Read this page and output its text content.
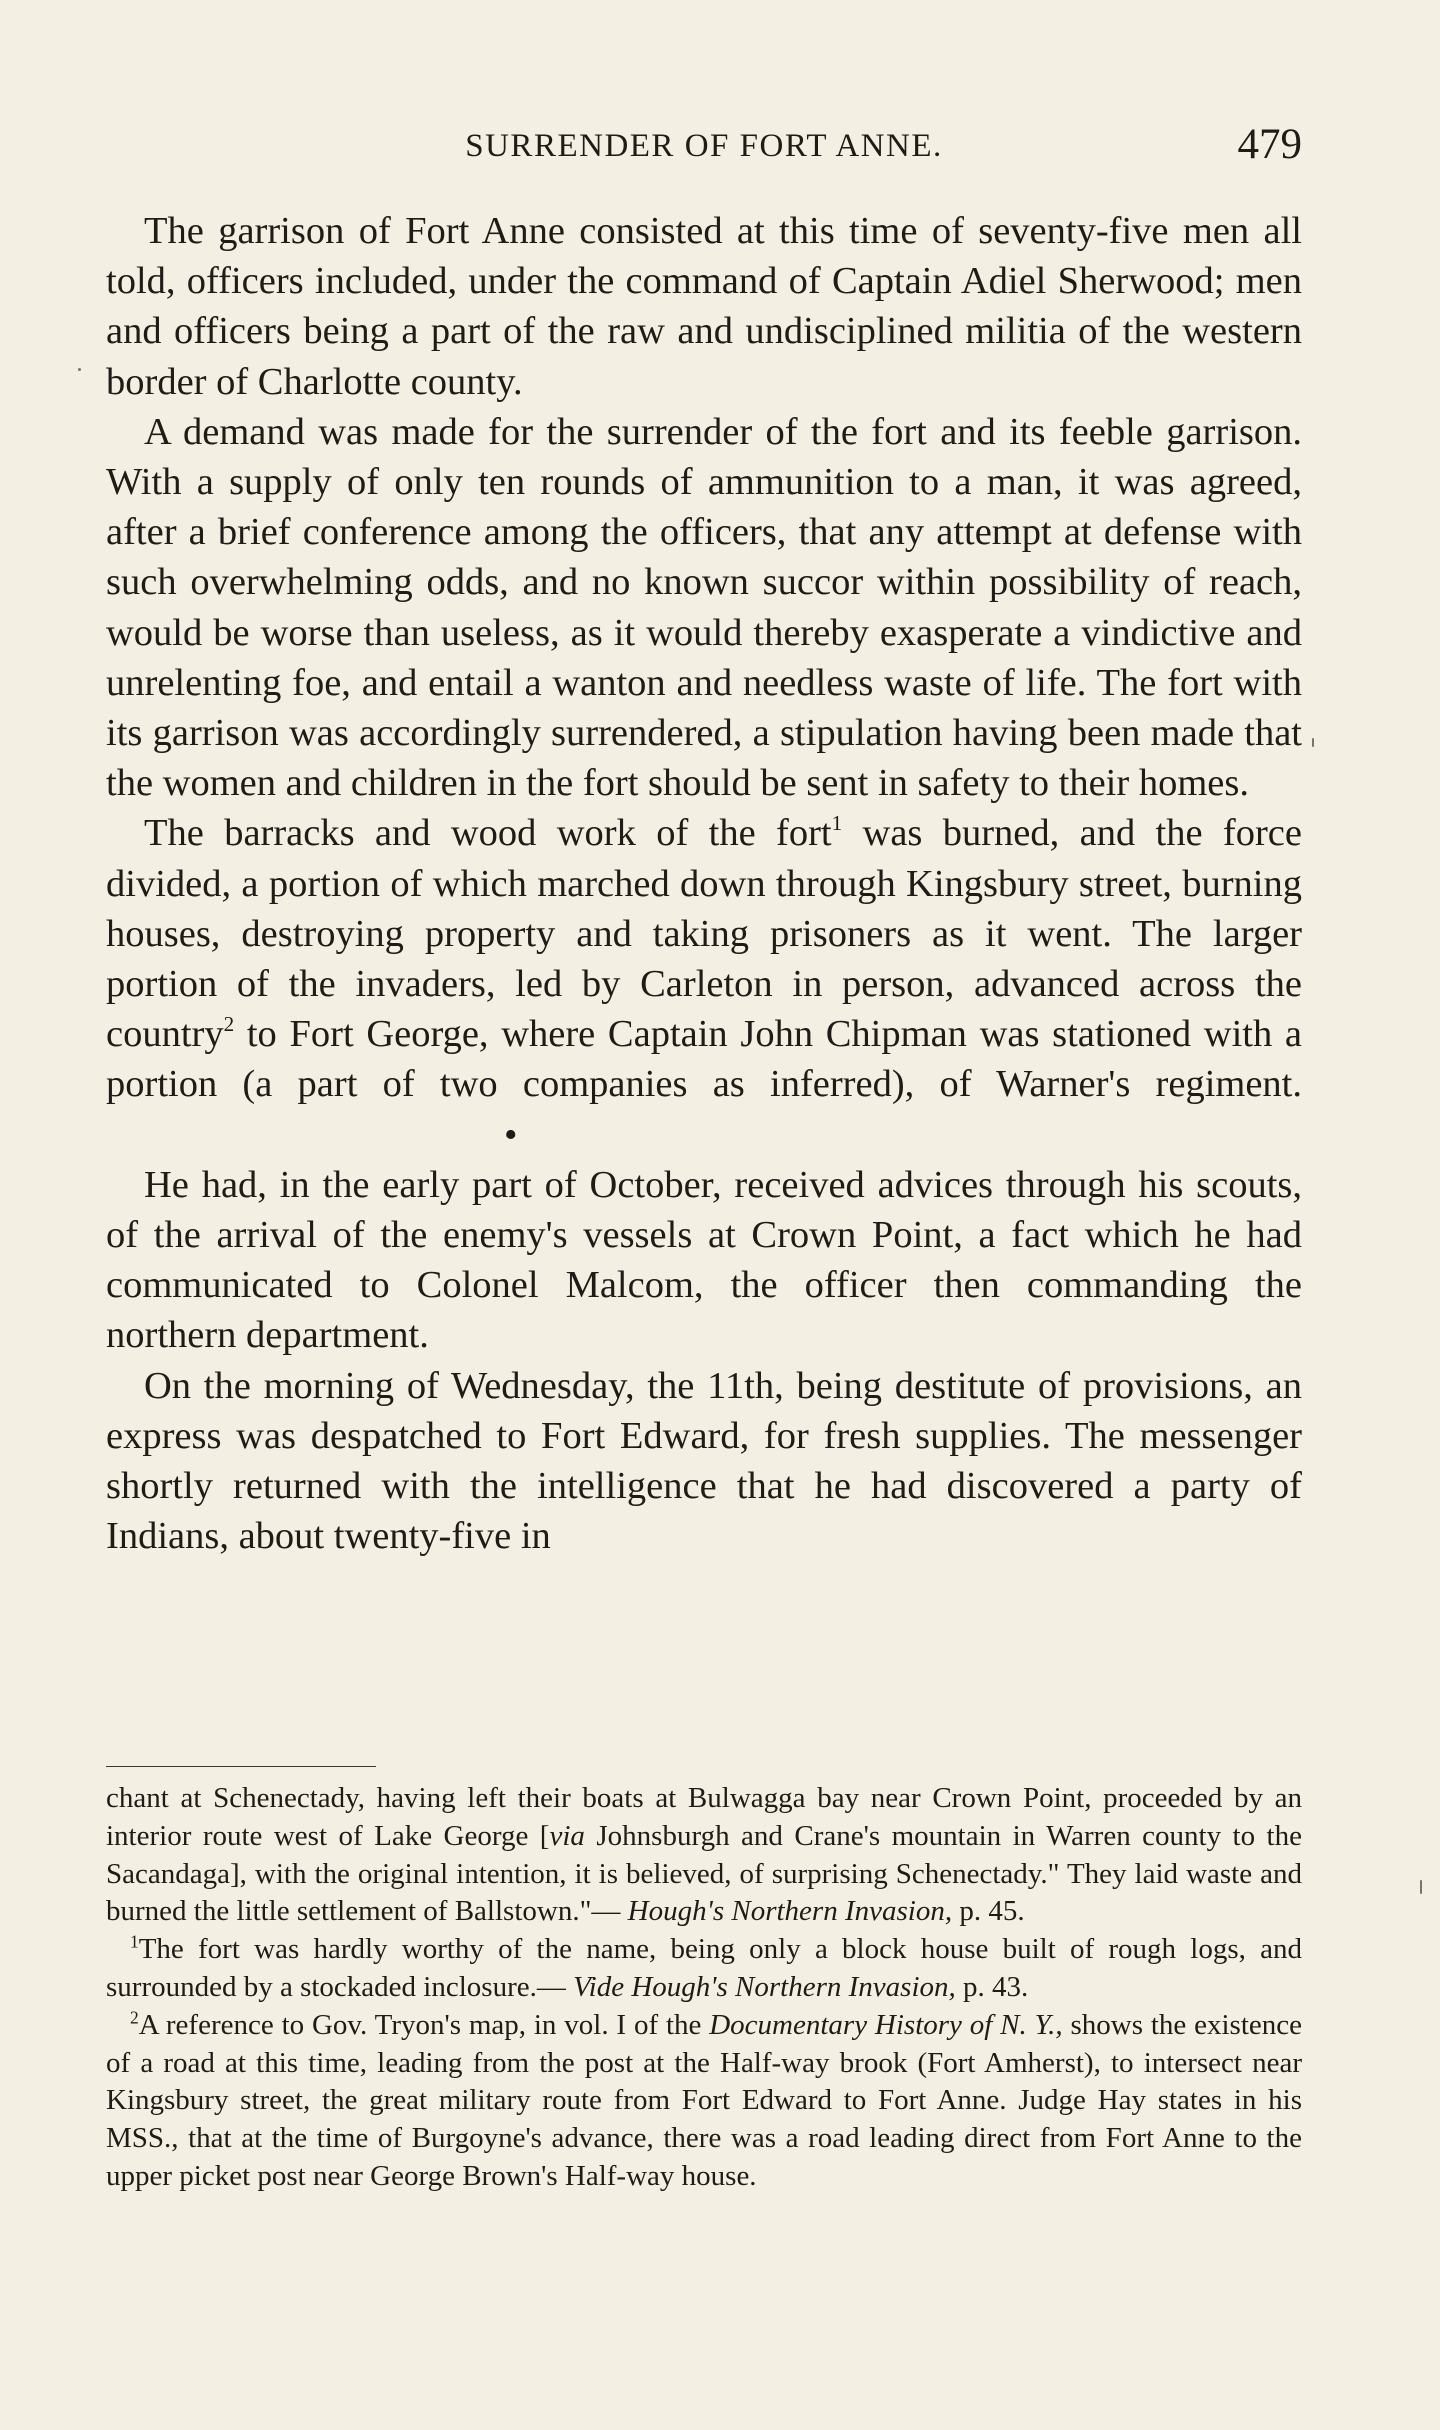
SURRENDER OF FORT ANNE.	479

The garrison of Fort Anne consisted at this time of seventy-five men all told, officers included, under the command of Captain Adiel Sherwood; men and officers being a part of the raw and undisciplined militia of the western border of Charlotte county.

A demand was made for the surrender of the fort and its feeble garrison. With a supply of only ten rounds of ammunition to a man, it was agreed, after a brief conference among the officers, that any attempt at defense with such overwhelming odds, and no known succor within possibility of reach, would be worse than useless, as it would thereby exasperate a vindictive and unrelenting foe, and entail a wanton and needless waste of life. The fort with its garrison was accordingly surrendered, a stipulation having been made that the women and children in the fort should be sent in safety to their homes.

The barracks and wood work of the fort$^1$ was burned, and the force divided, a portion of which marched down through Kingsbury street, burning houses, destroying property and taking prisoners as it went. The larger portion of the invaders, led by Carleton in person, advanced across the country$^2$ to Fort George, where Captain John Chipman was stationed with a portion (a part of two companies as inferred), of Warner's regiment.•

He had, in the early part of October, received advices through his scouts, of the arrival of the enemy's vessels at Crown Point, a fact which he had communicated to Colonel Malcom, the officer then commanding the northern department.

On the morning of Wednesday, the 11th, being destitute of provisions, an express was despatched to Fort Edward, for fresh supplies. The messenger shortly returned with the intelligence that he had discovered a party of Indians, about twenty-five in

chant at Schenectady, having left their boats at Bulwagga bay near Crown Point, proceeded by an interior route west of Lake George [via Johnsburgh and Crane's mountain in Warren county to the Sacandaga], with the original intention, it is believed, of surprising Schenectady." They laid waste and burned the little settlement of Ballstown."— Hough's Northern Invasion, p. 45.

$^1$The fort was hardly worthy of the name, being only a block house built of rough logs, and surrounded by a stockaded inclosure.— Vide Hough's Northern Invasion, p. 43.

$^2$A reference to Gov. Tryon's map, in vol. I of the Documentary History of N. Y., shows the existence of a road at this time, leading from the post at the Half-way brook (Fort Amherst), to intersect near Kingsbury street, the great military route from Fort Edward to Fort Anne. Judge Hay states in his MSS., that at the time of Burgoyne's advance, there was a road leading direct from Fort Anne to the upper picket post near George Brown's Half-way house.
